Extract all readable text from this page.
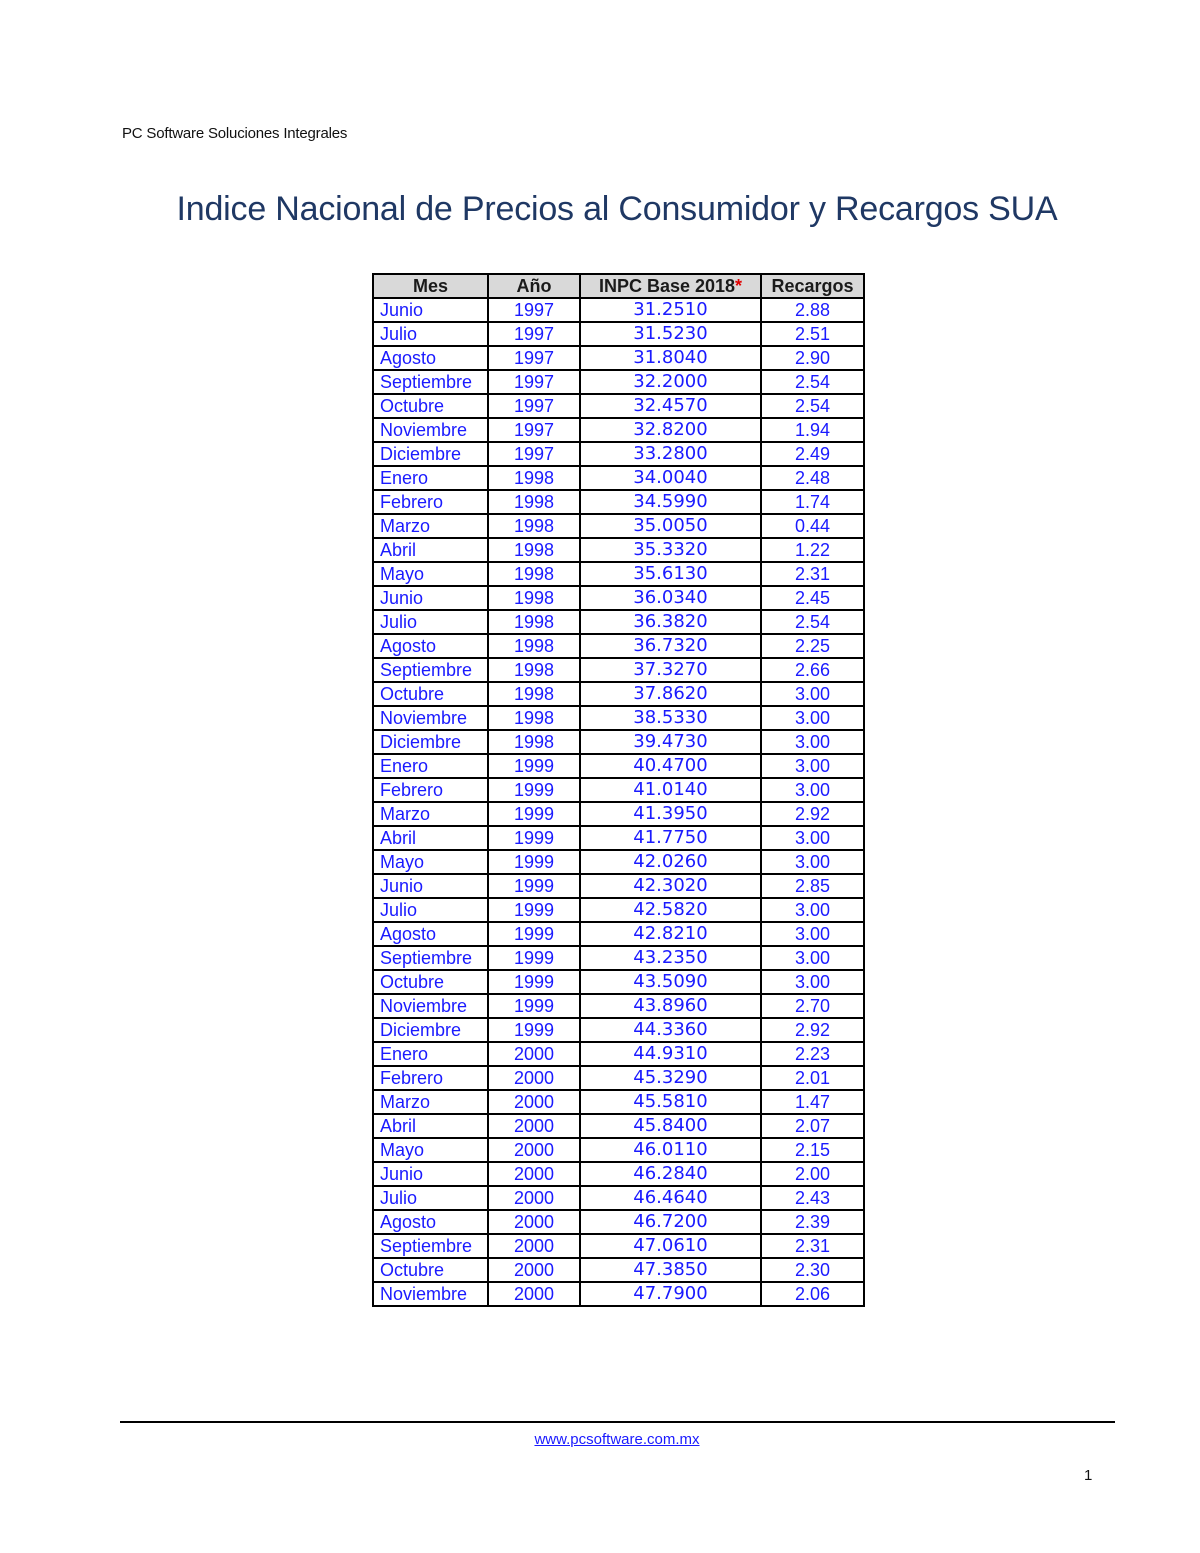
PC Software Soluciones Integrales
Indice Nacional de Precios al Consumidor y Recargos SUA
Mes	Año	INPC Base 2018*	Recargos
Junio	1997	31.2510	2.88
Julio	1997	31.5230	2.51
Agosto	1997	31.8040	2.90
Septiembre	1997	32.2000	2.54
Octubre	1997	32.4570	2.54
Noviembre	1997	32.8200	1.94
Diciembre	1997	33.2800	2.49
Enero	1998	34.0040	2.48
Febrero	1998	34.5990	1.74
Marzo	1998	35.0050	0.44
Abril	1998	35.3320	1.22
Mayo	1998	35.6130	2.31
Junio	1998	36.0340	2.45
Julio	1998	36.3820	2.54
Agosto	1998	36.7320	2.25
Septiembre	1998	37.3270	2.66
Octubre	1998	37.8620	3.00
Noviembre	1998	38.5330	3.00
Diciembre	1998	39.4730	3.00
Enero	1999	40.4700	3.00
Febrero	1999	41.0140	3.00
Marzo	1999	41.3950	2.92
Abril	1999	41.7750	3.00
Mayo	1999	42.0260	3.00
Junio	1999	42.3020	2.85
Julio	1999	42.5820	3.00
Agosto	1999	42.8210	3.00
Septiembre	1999	43.2350	3.00
Octubre	1999	43.5090	3.00
Noviembre	1999	43.8960	2.70
Diciembre	1999	44.3360	2.92
Enero	2000	44.9310	2.23
Febrero	2000	45.3290	2.01
Marzo	2000	45.5810	1.47
Abril	2000	45.8400	2.07
Mayo	2000	46.0110	2.15
Junio	2000	46.2840	2.00
Julio	2000	46.4640	2.43
Agosto	2000	46.7200	2.39
Septiembre	2000	47.0610	2.31
Octubre	2000	47.3850	2.30
Noviembre	2000	47.7900	2.06
www.pcsoftware.com.mx
1
